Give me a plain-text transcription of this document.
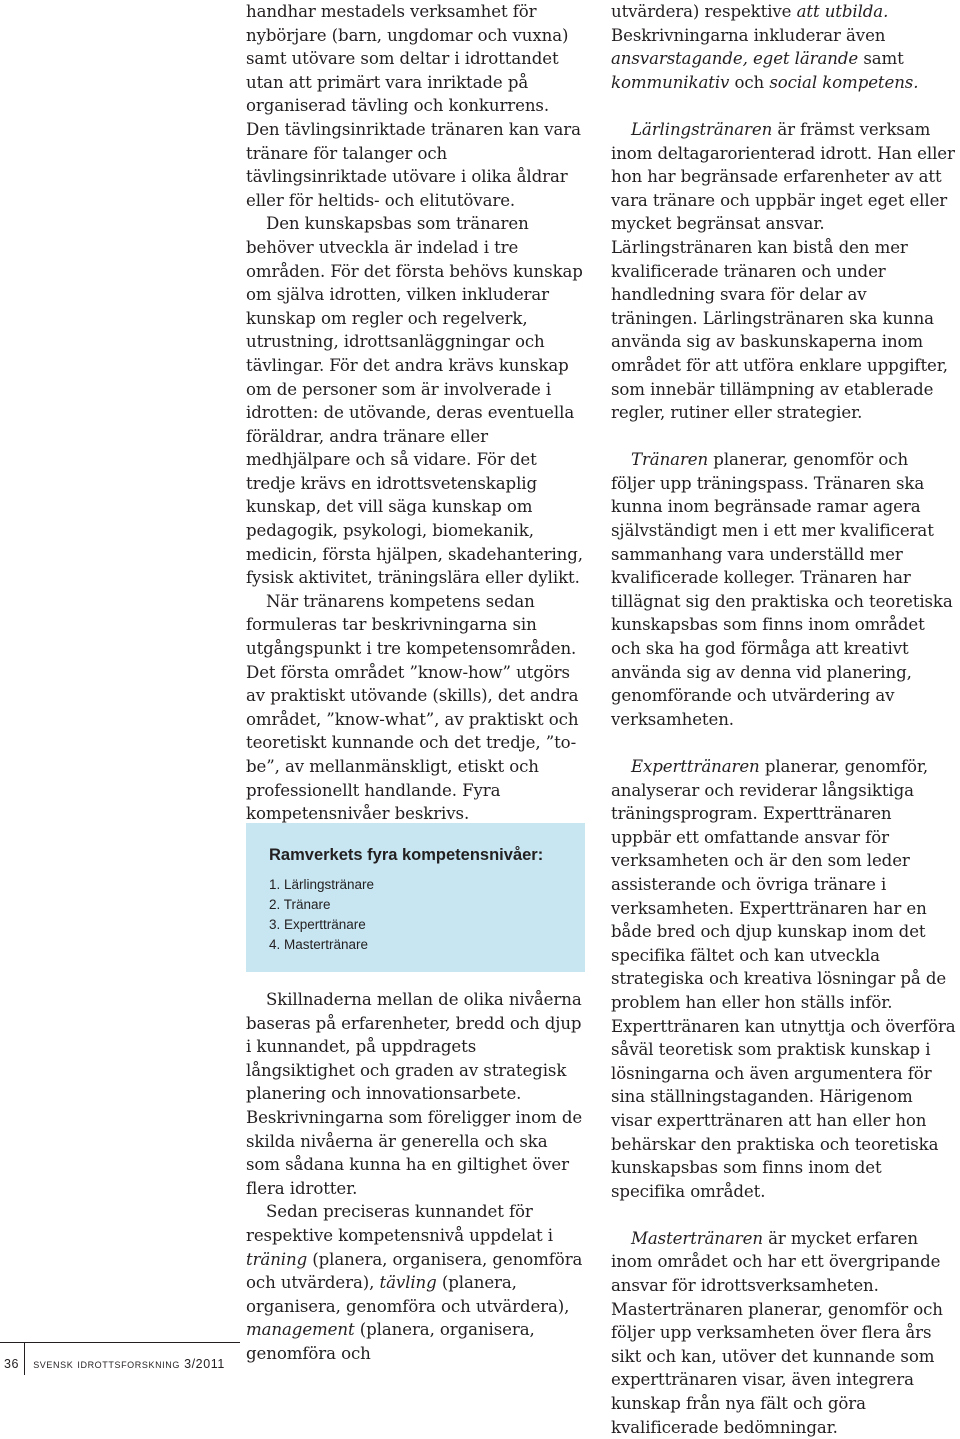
handhar mestadels verksamhet för nybörjare (barn, ungdomar och vuxna) samt utövare som deltar i idrottandet utan att primärt vara inriktade på organiserad tävling och konkurrens. Den tävlingsinriktade tränaren kan vara tränare för talanger och tävlingsinriktade utövare i olika åldrar eller för heltids- och elitutövare.

Den kunskapsbas som tränaren behöver utveckla är indelad i tre områden. För det första behövs kunskap om själva idrotten, vilken inkluderar kunskap om regler och regelverk, utrustning, idrottsanläggningar och tävlingar. För det andra krävs kunskap om de personer som är involverade i idrotten: de utövande, deras eventuella föräldrar, andra tränare eller medhjälpare och så vidare. För det tredje krävs en idrottsvetenskaplig kunskap, det vill säga kunskap om pedagogik, psykologi, biomekanik, medicin, första hjälpen, skadehantering, fysisk aktivitet, träningslära eller dylikt.

När tränarens kompetens sedan formuleras tar beskrivningarna sin utgångspunkt i tre kompetensområden. Det första området ”know-how” utgörs av praktiskt utövande (skills), det andra området, ”know-what”, av praktiskt och teoretiskt kunnande och det tredje, ”to-be”, av mellanmänskligt, etiskt och professionellt handlande. Fyra kompetensnivåer beskrivs.

Ramverkets fyra kompetensnivåer:
1. Lärlingstränare
2. Tränare
3. Experttränare
4. Mastertränare

Skillnaderna mellan de olika nivåerna baseras på erfarenheter, bredd och djup i kunnandet, på uppdragets långsiktighet och graden av strategisk planering och innovationsarbete. Beskrivningarna som föreligger inom de skilda nivåerna är generella och ska som sådana kunna ha en giltighet över flera idrotter.

Sedan preciseras kunnandet för respektive kompetensnivå uppdelat i träning (planera, organisera, genomföra och utvärdera), tävling (planera, organisera, genomföra och utvärdera), management (planera, organisera, genomföra och

utvärdera) respektive att utbilda. Beskrivningarna inkluderar även ansvarstagande, eget lärande samt kommunikativ och social kompetens.

Lärlingstränaren är främst verksam inom deltagarorienterad idrott. Han eller hon har begränsade erfarenheter av att vara tränare och uppbär inget eget eller mycket begränsat ansvar. Lärlingstränaren kan bistå den mer kvalificerade tränaren och under handledning svara för delar av träningen. Lärlingstränaren ska kunna använda sig av baskunskaperna inom området för att utföra enklare uppgifter, som innebär tillämpning av etablerade regler, rutiner eller strategier.

Tränaren planerar, genomför och följer upp träningspass. Tränaren ska kunna inom begränsade ramar agera självständigt men i ett mer kvalificerat sammanhang vara underställd mer kvalificerade kolleger. Tränaren har tillägnat sig den praktiska och teoretiska kunskapsbas som finns inom området och ska ha god förmåga att kreativt använda sig av denna vid planering, genomförande och utvärdering av verksamheten.

Experttränaren planerar, genomför, analyserar och reviderar långsiktiga träningsprogram. Experttränaren uppbär ett omfattande ansvar för verksamheten och är den som leder assisterande och övriga tränare i verksamheten. Experttränaren har en både bred och djup kunskap inom det specifika fältet och kan utveckla strategiska och kreativa lösningar på de problem han eller hon ställs inför. Experttränaren kan utnyttja och överföra såväl teoretisk som praktisk kunskap i lösningarna och även argumentera för sina ställningstaganden. Härigenom visar experttränaren att han eller hon behärskar den praktiska och teoretiska kunskapsbas som finns inom det specifika området.

Mastertränaren är mycket erfaren inom området och har ett övergripande ansvar för idrottsverksamheten. Mastertränaren planerar, genomför och följer upp verksamheten över flera års sikt och kan, utöver det kunnande som experttränaren visar, även integrera kunskap från nya fält och göra kvalificerade bedömningar.

36 svensk idrottsforskning 3/2011
